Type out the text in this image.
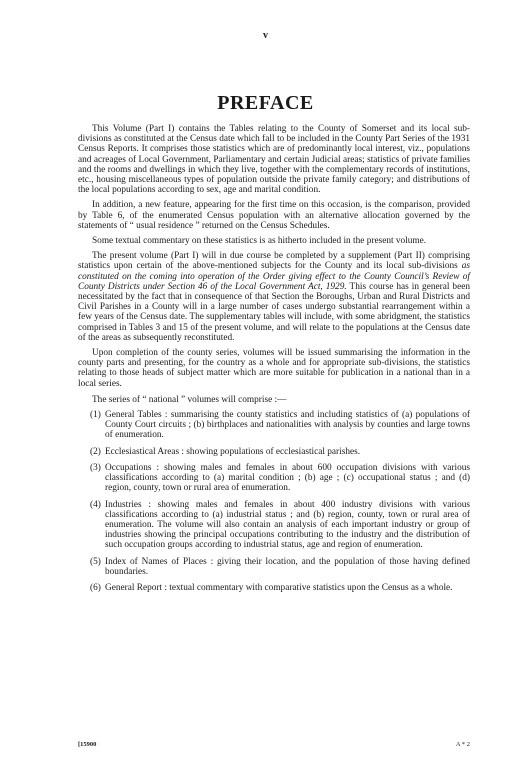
v
PREFACE

This Volume (Part I) contains the Tables relating to the County of Somerset and its local sub-divisions as constituted at the Census date which fall to be included in the County Part Series of the 1931 Census Reports. It comprises those statistics which are of predominantly local interest, viz., populations and acreages of Local Government, Parliamentary and certain Judicial areas; statistics of private families and the rooms and dwellings in which they live, together with the complementary records of institutions, etc., housing miscellaneous types of population outside the private family category; and distributions of the local populations according to sex, age and marital condition.

In addition, a new feature, appearing for the first time on this occasion, is the comparison, provided by Table 6, of the enumerated Census population with an alternative allocation governed by the statements of “ usual residence ” returned on the Census Schedules.

Some textual commentary on these statistics is as hitherto included in the present volume.

The present volume (Part I) will in due course be completed by a supplement (Part II) comprising statistics upon certain of the above-mentioned subjects for the County and its local sub-divisions as constituted on the coming into operation of the Order giving effect to the County Council’s Review of County Districts under Section 46 of the Local Government Act, 1929. This course has in general been necessitated by the fact that in consequence of that Section the Boroughs, Urban and Rural Districts and Civil Parishes in a County will in a large number of cases undergo substantial rearrangement within a few years of the Census date. The supplementary tables will include, with some abridgment, the statistics comprised in Tables 3 and 15 of the present volume, and will relate to the populations at the Census date of the areas as subsequently reconstituted.

Upon completion of the county series, volumes will be issued summarising the information in the county parts and presenting, for the country as a whole and for appropriate sub-divisions, the statistics relating to those heads of subject matter which are more suitable for publication in a national than in a local series.

The series of “ national ” volumes will comprise :—

(1) General Tables : summarising the county statistics and including statistics of (a) populations of County Court circuits ; (b) birthplaces and nationalities with analysis by counties and large towns of enumeration.
(2) Ecclesiastical Areas : showing populations of ecclesiastical parishes.
(3) Occupations : showing males and females in about 600 occupation divisions with various classifications according to (a) marital condition ; (b) age ; (c) occupational status ; and (d) region, county, town or rural area of enumeration.
(4) Industries : showing males and females in about 400 industry divisions with various classifications according to (a) industrial status ; and (b) region, county, town or rural area of enumeration. The volume will also contain an analysis of each important industry or group of industries showing the principal occupations contributing to the industry and the distribution of such occupation groups according to industrial status, age and region of enumeration.
(5) Index of Names of Places : giving their location, and the population of those having defined boundaries.
(6) General Report : textual commentary with comparative statistics upon the Census as a whole.
[15900	A * 2
